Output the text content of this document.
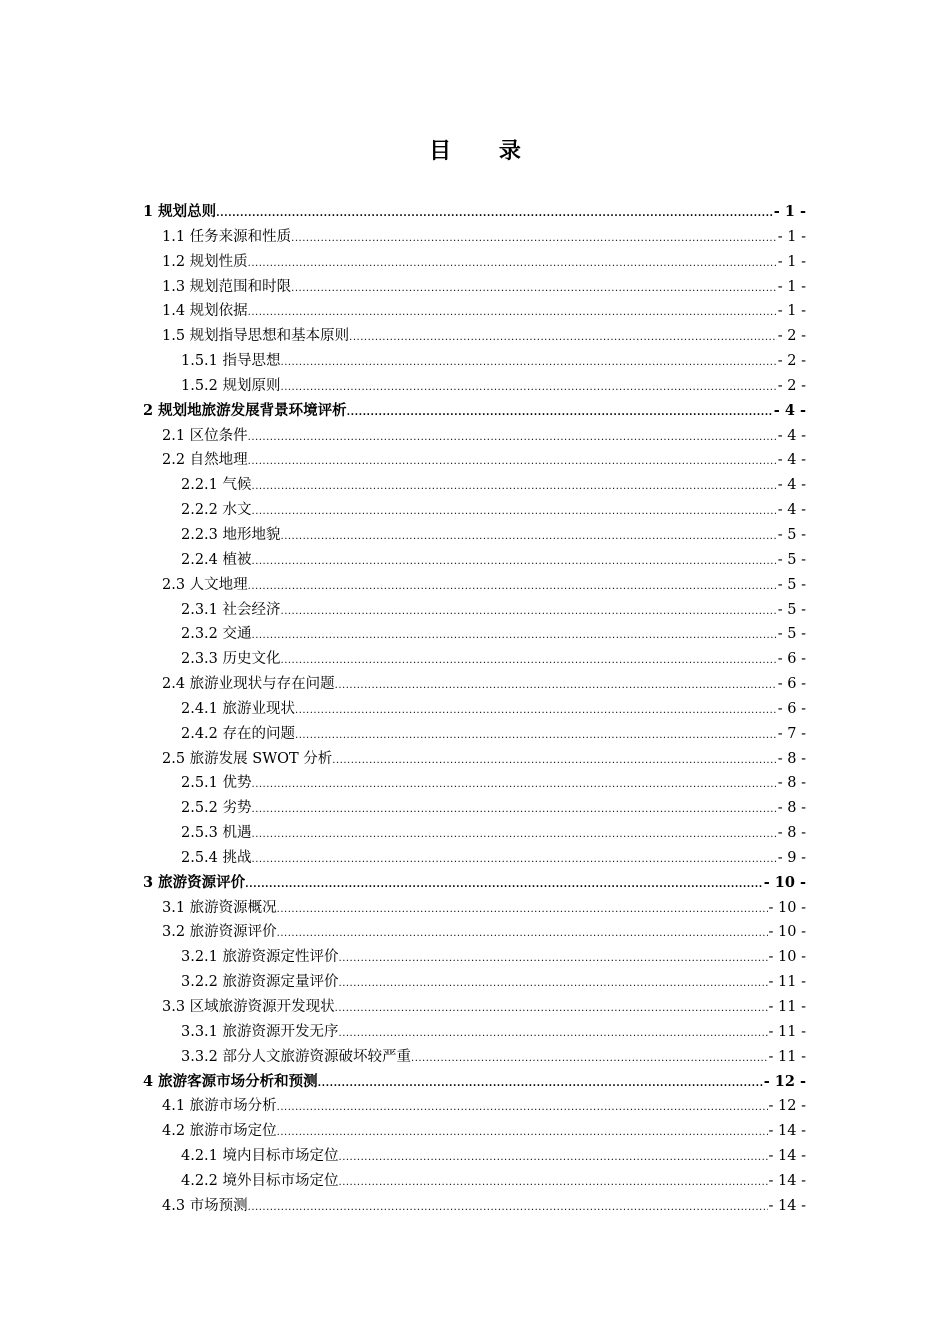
目 录
1 规划总则 .....	- 1 -
1.1 任务来源和性质 .....	- 1 -
1.2 规划性质 .....	- 1 -
1.3 规划范围和时限 .....	- 1 -
1.4 规划依据 .....	- 1 -
1.5 规划指导思想和基本原则 .....	- 2 -
1.5.1 指导思想 .....	- 2 -
1.5.2 规划原则 .....	- 2 -
2 规划地旅游发展背景环境评析 .....	- 4 -
2.1 区位条件 .....	- 4 -
2.2 自然地理 .....	- 4 -
2.2.1 气候 .....	- 4 -
2.2.2 水文 .....	- 4 -
2.2.3 地形地貌 .....	- 5 -
2.2.4 植被 .....	- 5 -
2.3 人文地理 .....	- 5 -
2.3.1 社会经济 .....	- 5 -
2.3.2 交通 .....	- 5 -
2.3.3 历史文化 .....	- 6 -
2.4 旅游业现状与存在问题 .....	- 6 -
2.4.1 旅游业现状 .....	- 6 -
2.4.2 存在的问题 .....	- 7 -
2.5 旅游发展 SWOT 分析 .....	- 8 -
2.5.1 优势 .....	- 8 -
2.5.2 劣势 .....	- 8 -
2.5.3 机遇 .....	- 8 -
2.5.4 挑战 .....	- 9 -
3 旅游资源评价 .....	- 10 -
3.1 旅游资源概况 .....	- 10 -
3.2 旅游资源评价 .....	- 10 -
3.2.1 旅游资源定性评价 .....	- 10 -
3.2.2 旅游资源定量评价 .....	- 11 -
3.3 区域旅游资源开发现状 .....	- 11 -
3.3.1 旅游资源开发无序 .....	- 11 -
3.3.2 部分人文旅游资源破坏较严重 .....	- 11 -
4 旅游客源市场分析和预测 .....	- 12 -
4.1 旅游市场分析 .....	- 12 -
4.2 旅游市场定位 .....	- 14 -
4.2.1 境内目标市场定位 .....	- 14 -
4.2.2 境外目标市场定位 .....	- 14 -
4.3 市场预测 .....	- 14 -
